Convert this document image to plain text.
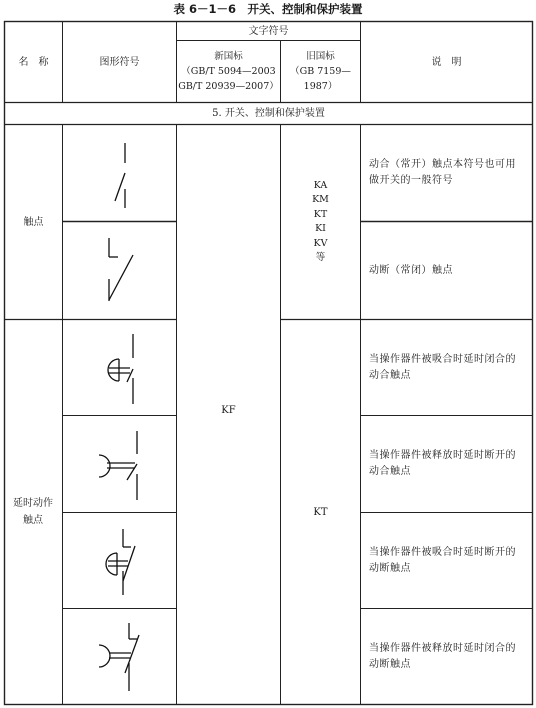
表 6－1－6　开关、控制和保护装置
名　称	图形符号
文字符号
新国标
（GB/T 5094—2003
GB/T 20939—2007）
旧国标
（GB 7159—
1987）
说　明
5. 开关、控制和保护装置
触点
延时动作触点
KF
KA
KM
KT
KI
KV
等
KT
动合（常开）触点本符号也可用做开关的一般符号
动断（常闭）触点
当操作器件被吸合时延时闭合的动合触点
当操作器件被释放时延时断开的动合触点
当操作器件被吸合时延时断开的动断触点
当操作器件被释放时延时闭合的动断触点
